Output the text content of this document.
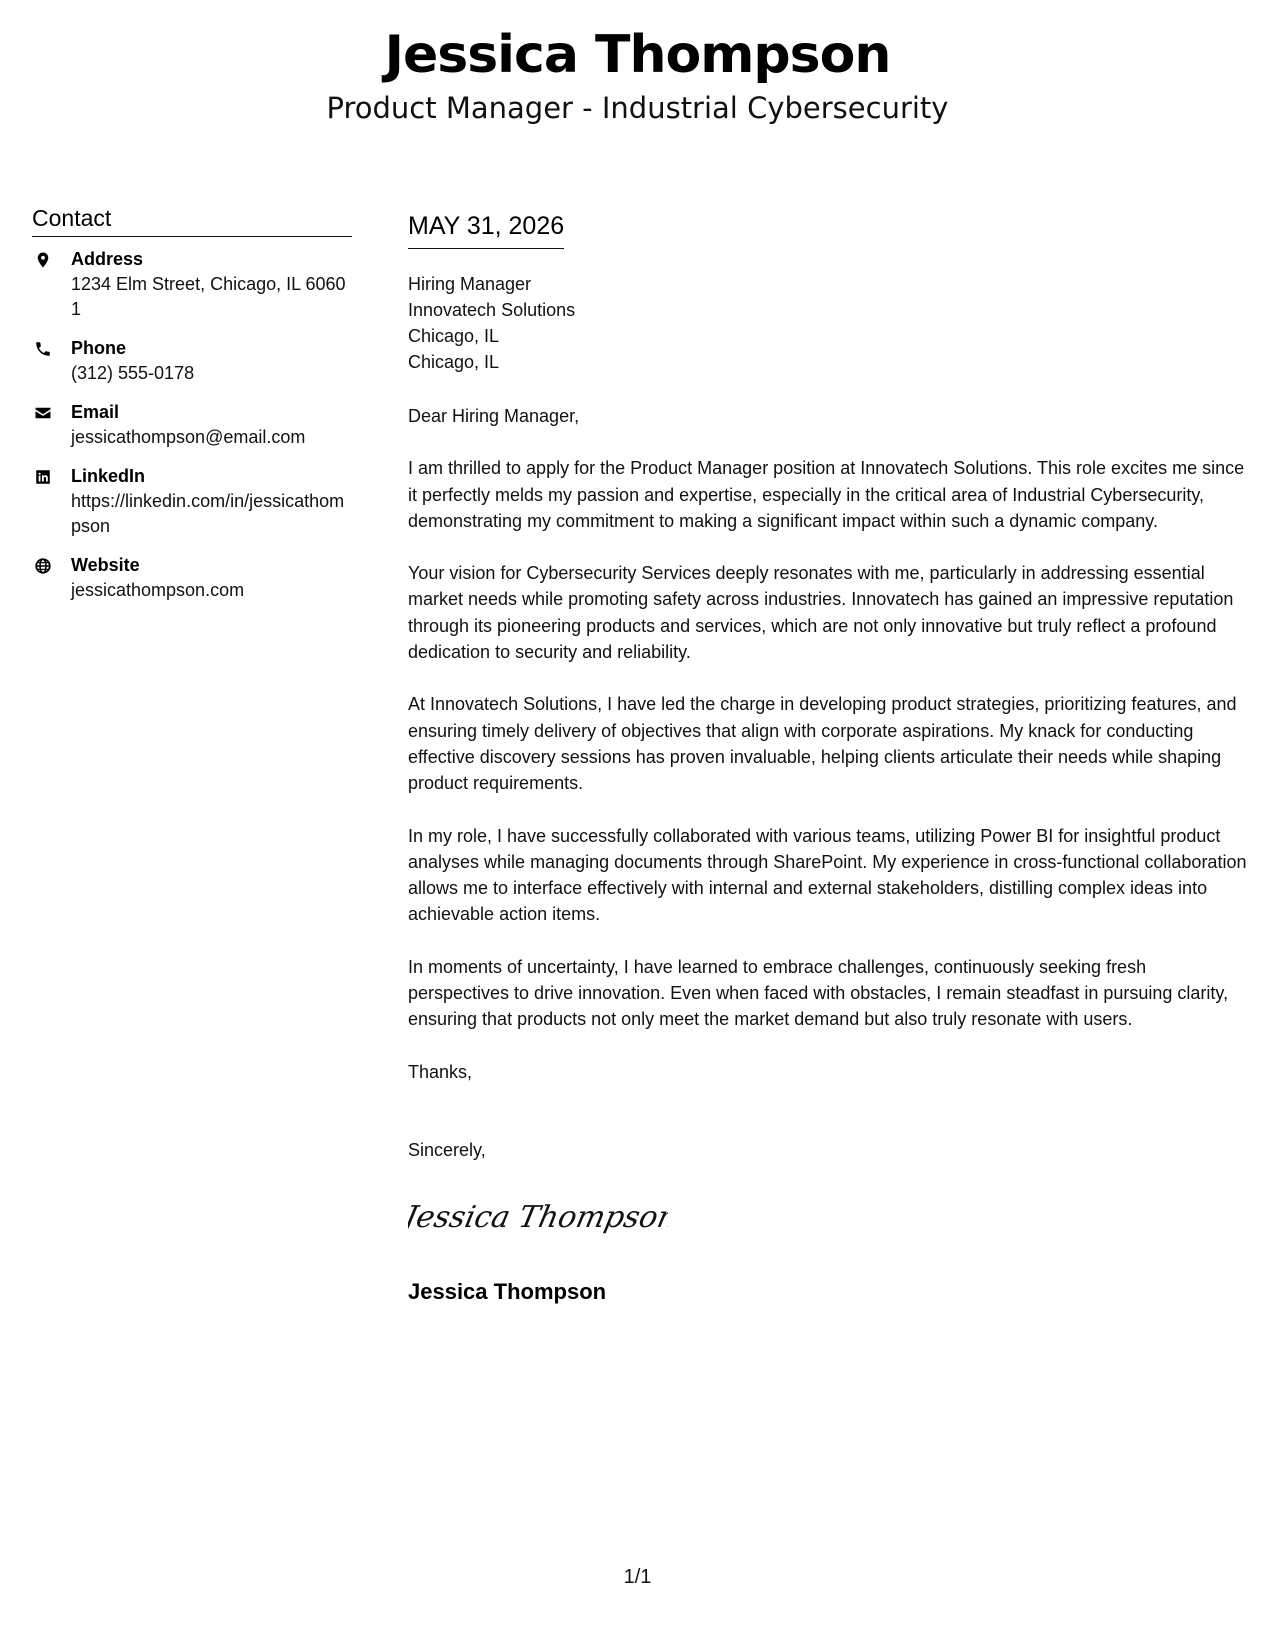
Jessica Thompson

Product Manager - Industrial Cybersecurity

Contact
Address
1234 Elm Street, Chicago, IL 60601
Phone
(312) 555-0178
Email
jessicathompson@email.com
LinkedIn
https://linkedin.com/in/jessicathompson
Website
jessicathompson.com
MAY 31, 2026
Hiring Manager
Innovatech Solutions
Chicago, IL
Chicago, IL

Dear Hiring Manager,

I am thrilled to apply for the Product Manager position at Innovatech Solutions. This role excites me since it perfectly melds my passion and expertise, especially in the critical area of Industrial Cybersecurity, demonstrating my commitment to making a significant impact within such a dynamic company.

Your vision for Cybersecurity Services deeply resonates with me, particularly in addressing essential market needs while promoting safety across industries. Innovatech has gained an impressive reputation through its pioneering products and services, which are not only innovative but truly reflect a profound dedication to security and reliability.

At Innovatech Solutions, I have led the charge in developing product strategies, prioritizing features, and ensuring timely delivery of objectives that align with corporate aspirations. My knack for conducting effective discovery sessions has proven invaluable, helping clients articulate their needs while shaping product requirements.

In my role, I have successfully collaborated with various teams, utilizing Power BI for insightful product analyses while managing documents through SharePoint. My experience in cross-functional collaboration allows me to interface effectively with internal and external stakeholders, distilling complex ideas into achievable action items.

In moments of uncertainty, I have learned to embrace challenges, continuously seeking fresh perspectives to drive innovation. Even when faced with obstacles, I remain steadfast in pursuing clarity, ensuring that products not only meet the market demand but also truly resonate with users.

Thanks,

Sincerely,

Jessica Thompson
Jessica Thompson
1/1
